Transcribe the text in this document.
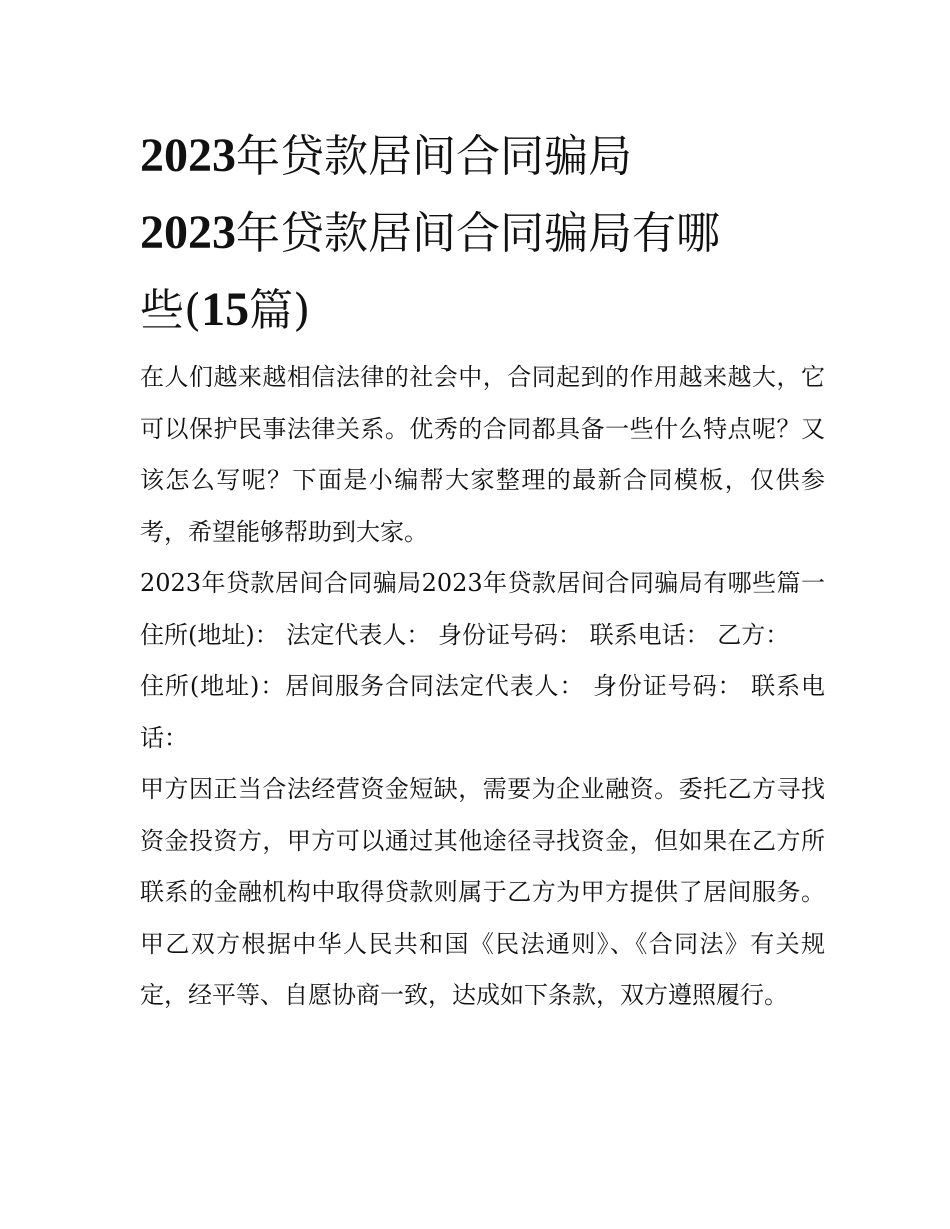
2023年贷款居间合同骗局
2023年贷款居间合同骗局有哪
些(15篇)

在人们越来越相信法律的社会中，合同起到的作用越来越大，它可以保护民事法律关系。优秀的合同都具备一些什么特点呢？又该怎么写呢？下面是小编帮大家整理的最新合同模板，仅供参考，希望能够帮助到大家。

2023年贷款居间合同骗局2023年贷款居间合同骗局有哪些篇一 住所(地址)： 法定代表人： 身份证号码： 联系电话： 乙方：

住所(地址)：居间服务合同法定代表人： 身份证号码： 联系电话：

甲方因正当合法经营资金短缺，需要为企业融资。委托乙方寻找资金投资方，甲方可以通过其他途径寻找资金，但如果在乙方所联系的金融机构中取得贷款则属于乙方为甲方提供了居间服务。甲乙双方根据中华人民共和国《民法通则》、《合同法》有关规定，经平等、自愿协商一致，达成如下条款，双方遵照履行。
